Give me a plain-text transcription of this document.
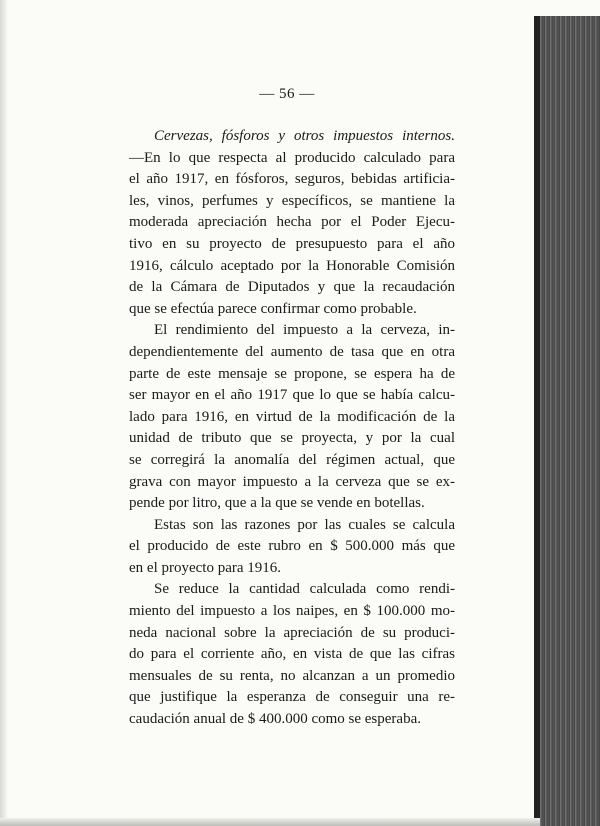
— 56 —
Cervezas, fósforos y otros impuestos internos.
—En lo que respecta al producido calculado para
el año 1917, en fósforos, seguros, bebidas artificia-
les, vinos, perfumes y específicos, se mantiene la
moderada apreciación hecha por el Poder Ejecu-
tivo en su proyecto de presupuesto para el año
1916, cálculo aceptado por la Honorable Comisión
de la Cámara de Diputados y que la recaudación
que se efectúa parece confirmar como probable.
El rendimiento del impuesto a la cerveza, in-
dependientemente del aumento de tasa que en otra
parte de este mensaje se propone, se espera ha de
ser mayor en el año 1917 que lo que se había calcu-
lado para 1916, en virtud de la modificación de la
unidad de tributo que se proyecta, y por la cual
se corregirá la anomalía del régimen actual, que
grava con mayor impuesto a la cerveza que se ex-
pende por litro, que a la que se vende en botellas.
Estas son las razones por las cuales se calcula
el producido de este rubro en $ 500.000 más que
en el proyecto para 1916.
Se reduce la cantidad calculada como rendi-
miento del impuesto a los naipes, en $ 100.000 mo-
neda nacional sobre la apreciación de su produci-
do para el corriente año, en vista de que las cifras
mensuales de su renta, no alcanzan a un promedio
que justifique la esperanza de conseguir una re-
caudación anual de $ 400.000 como se esperaba.
